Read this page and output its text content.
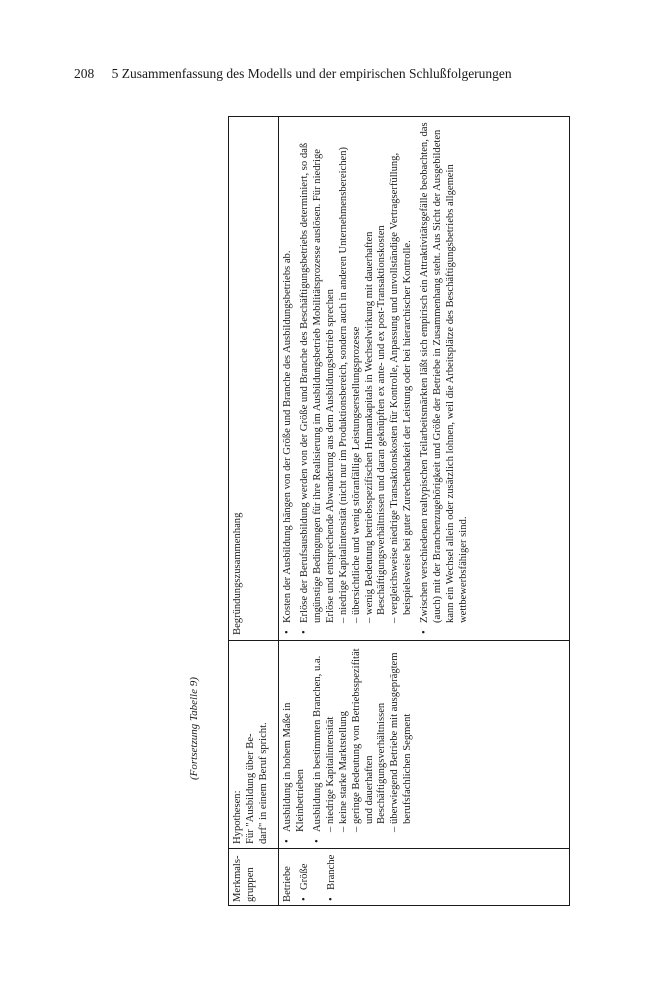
208 5 Zusammenfassung des Modells und der empirischen Schlußfolgerungen
(Fortsetzung Tabelle 9)
Merkmals-
gruppen
Hypothesen:
Für "Ausbildung über Be-
darf" in einem Beruf spricht.
Begründungszusammenhang
Betriebe • Größe • Branche
• Ausbildung in hohem Maße in Kleinbetrieben • Ausbildung in bestimmten Branchen, u.a. – niedrige Kapitalintensität – keine starke Marktstellung – geringe Bedeutung von Betriebsspezifität und dauerhaften Beschäftigungsverhältnissen – überwiegend Betriebe mit ausgeprägtem berufsfachlichen Segment
• Kosten der Ausbildung hängen von der Größe und Branche des Ausbildungsbetriebs ab. • Erlöse der Berufsausbildung werden von der Größe und Branche des Beschäftigungsbetriebs determiniert, so daß ungünstige Bedingungen für ihre Realisierung im Ausbildungsbetrieb Mobilitätsprozesse auslösen. Für niedrige Erlöse und entsprechende Abwanderung aus dem Ausbildungsbetrieb sprechen – niedrige Kapitalintensität (nicht nur im Produktionsbereich, sondern auch in anderen Unternehmensbereichen) – übersichtliche und wenig störanfällige Leistungserstellungsprozesse – wenig Bedeutung betriebsspezifischen Humankapitals in Wechselwirkung mit dauerhaften Beschäftigungsverhältnissen und daran geknüpften ex ante- und ex post-Transaktionskosten – vergleichsweise niedrige Transaktionskosten für Kontrolle, Anpassung und unvollständige Vertragserfüllung, beispielsweise bei guter Zurechenbarkeit der Leistung oder bei hierarchischer Kontrolle. • Zwischen verschiedenen realtypischen Teilarbeitsmärkten läßt sich empirisch ein Attraktivitätsgefälle beobachten, das (auch) mit der Branchenzugehörigkeit und Größe der Betriebe in Zusammenhang steht. Aus Sicht der Ausgebildeten kann ein Wechsel allein oder zusätzlich lohnen, weil die Arbeitsplätze des Beschäftigungsbetriebs allgemein wettbewerbsfähiger sind.
